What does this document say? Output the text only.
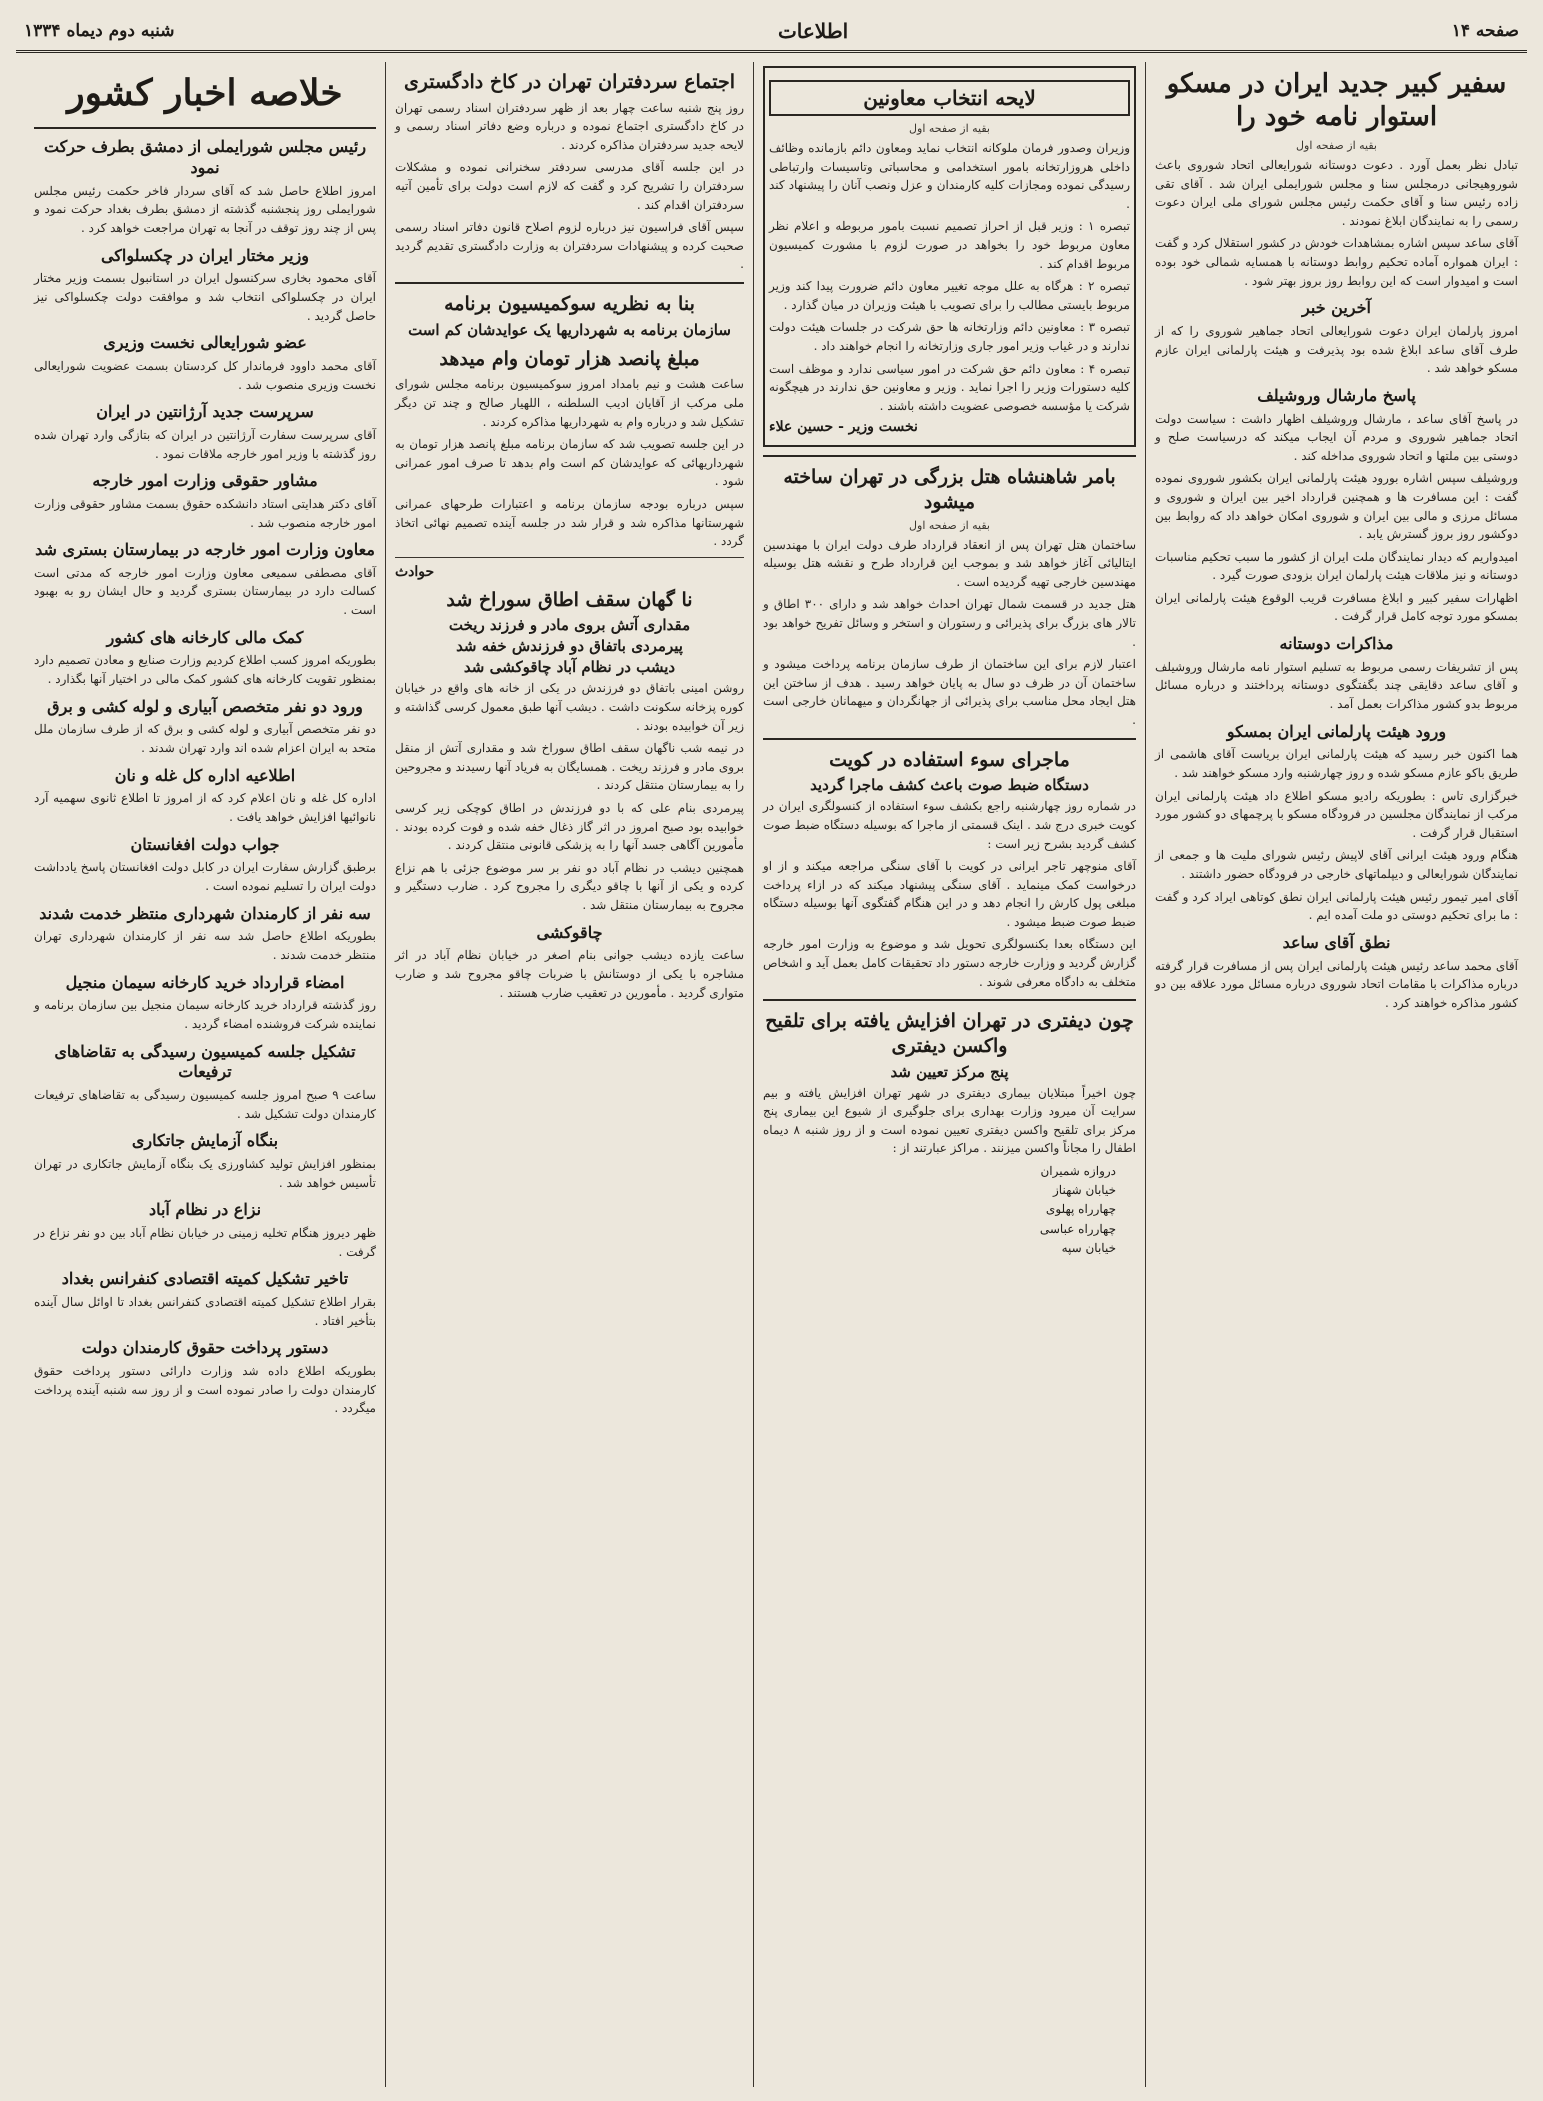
صفحه ۱۴
اطلاعات
شنبه دوم دیماه ۱۳۳۴
سفیر کبیر جدید ایران در مسکو استوار نامه خود را
بقیه از صفحه اول

تبادل نظر بعمل آورد . دعوت دوستانه شورایعالی اتحاد شوروی باعث شوروهیجانی درمجلس سنا و مجلس شورایملی ایران شد . آقای تقی زاده رئیس سنا و آقای حکمت رئیس مجلس شورای ملی ایران دعوت رسمی را به نمایندگان ابلاغ نمودند .

آقای ساعد سپس اشاره بمشاهدات خودش در کشور استقلال کرد و گفت : ایران همواره آماده تحکیم روابط دوستانه با همسایه شمالی خود بوده است و امیدوار است که این روابط روز بروز بهتر شود .

آخرین خبر

امروز پارلمان ایران دعوت شورایعالی اتحاد جماهیر شوروی را که از طرف آقای ساعد ابلاغ شده بود پذیرفت و هیئت پارلمانی ایران عازم مسکو خواهد شد .

پاسخ مارشال وروشیلف

در پاسخ آقای ساعد ، مارشال وروشیلف اظهار داشت : سیاست دولت اتحاد جماهیر شوروی و مردم آن ایجاب میکند که درسیاست صلح و دوستی بین ملتها و اتحاد شوروی مداخله کند .

وروشیلف سپس اشاره بورود هیئت پارلمانی ایران بکشور شوروی نموده گفت : این مسافرت ها و همچنین قرارداد اخیر بین ایران و شوروی و مسائل مرزی و مالی بین ایران و شوروی امکان خواهد داد که روابط بین دوکشور روز بروز گسترش یابد .

امیدواریم که دیدار نمایندگان ملت ایران از کشور ما سبب تحکیم مناسبات دوستانه و نیز ملاقات هیئت پارلمان ایران بزودی صورت گیرد .

اظهارات سفیر کبیر و ابلاغ مسافرت قریب الوقوع هیئت پارلمانی ایران بمسکو مورد توجه کامل قرار گرفت .

مذاکرات دوستانه

پس از تشریفات رسمی مربوط به تسلیم استوار نامه مارشال وروشیلف و آقای ساعد دقایقی چند بگفتگوی دوستانه پرداختند و درباره مسائل مربوط بدو کشور مذاکرات بعمل آمد .

ورود هیئت پارلمانی ایران بمسکو

هما اکنون خبر رسید که هیئت پارلمانی ایران بریاست آقای هاشمی از طریق باکو عازم مسکو شده و روز چهارشنبه وارد مسکو خواهند شد .

خبرگزاری تاس : بطوریکه رادیو مسکو اطلاع داد هیئت پارلمانی ایران مرکب از نمایندگان مجلسین در فرودگاه مسکو با پرچمهای دو کشور مورد استقبال قرار گرفت .

هنگام ورود هیئت ایرانی آقای لاپیش رئیس شورای ملیت ها و جمعی از نمایندگان شورایعالی و دیپلماتهای خارجی در فرودگاه حضور داشتند .

آقای امیر تیمور رئیس هیئت پارلمانی ایران نطق کوتاهی ایراد کرد و گفت : ما برای تحکیم دوستی دو ملت آمده ایم .

نطق آقای ساعد

آقای محمد ساعد رئیس هیئت پارلمانی ایران پس از مسافرت قرار گرفته درباره مذاکرات با مقامات اتحاد شوروی درباره مسائل مورد علاقه بین دو کشور مذاکره خواهند کرد .

لایحه انتخاب معاونین
بقیه از صفحه اول

وزیران وصدور فرمان ملوکانه انتخاب نماید ومعاون دائم بازمانده وظائف داخلی هروزارتخانه بامور استخدامی و محاسباتی وتاسیسات وارتباطی رسیدگی نموده ومجازات کلیه کارمندان و عزل ونصب آنان را پیشنهاد کند .

تبصره ۱ : وزیر قبل از احراز تصمیم نسبت بامور مربوطه و اعلام نظر معاون مربوط خود را بخواهد در صورت لزوم با مشورت کمیسیون مربوط اقدام کند .

تبصره ۲ : هرگاه به علل موجه تغییر معاون دائم ضرورت پیدا کند وزیر مربوط بایستی مطالب را برای تصویب با هیئت وزیران در میان گذارد .

تبصره ۳ : معاونین دائم وزارتخانه ها حق شرکت در جلسات هیئت دولت ندارند و در غیاب وزیر امور جاری وزارتخانه را انجام خواهند داد .

تبصره ۴ : معاون دائم حق شرکت در امور سیاسی ندارد و موظف است کلیه دستورات وزیر را اجرا نماید . وزیر و معاونین حق ندارند در هیچگونه شرکت یا مؤسسه خصوصی عضویت داشته باشند .

نخست وزیر - حسین علاء
بامر شاهنشاه هتل بزرگی در تهران ساخته میشود
بقیه از صفحه اول

ساختمان هتل تهران پس از انعقاد قرارداد طرف دولت ایران با مهندسین ایتالیائی آغاز خواهد شد و بموجب این قرارداد طرح و نقشه هتل بوسیله مهندسین خارجی تهیه گردیده است .

هتل جدید در قسمت شمال تهران احداث خواهد شد و دارای ۳۰۰ اطاق و تالار های بزرگ برای پذیرائی و رستوران و استخر و وسائل تفریح خواهد بود .

اعتبار لازم برای این ساختمان از طرف سازمان برنامه پرداخت میشود و ساختمان آن در ظرف دو سال به پایان خواهد رسید . هدف از ساختن این هتل ایجاد محل مناسب برای پذیرائی از جهانگردان و میهمانان خارجی است .

ماجرای سوء استفاده در کویت
دستگاه ضبط صوت باعث کشف ماجرا گردید

در شماره روز چهارشنبه راجع بکشف سوء استفاده از کنسولگری ایران در کویت خبری درج شد . اینک قسمتی از ماجرا که بوسیله دستگاه ضبط صوت کشف گردید بشرح زیر است :

آقای منوچهر تاجر ایرانی در کویت با آقای سنگی مراجعه میکند و از او درخواست کمک مینماید . آقای سنگی پیشنهاد میکند که در ازاء پرداخت مبلغی پول کارش را انجام دهد و در این هنگام گفتگوی آنها بوسیله دستگاه ضبط صوت ضبط میشود .

این دستگاه بعدا بکنسولگری تحویل شد و موضوع به وزارت امور خارجه گزارش گردید و وزارت خارجه دستور داد تحقیقات کامل بعمل آید و اشخاص متخلف به دادگاه معرفی شوند .

چون دیفتری در تهران افزایش یافته برای تلقیح واکسن دیفتری
پنج مرکز تعیین شد

چون اخیراً مبتلایان بیماری دیفتری در شهر تهران افزایش یافته و بیم سرایت آن میرود وزارت بهداری برای جلوگیری از شیوع این بیماری پنج مرکز برای تلقیح واکسن دیفتری تعیین نموده است و از روز شنبه ۸ دیماه اطفال را مجاناً واکسن میزنند . مراکز عبارتند از :

دروازه شمیران
خیابان شهناز
چهارراه پهلوی
چهارراه عباسی
خیابان سپه
اجتماع سردفتران تهران در کاخ دادگستری

روز پنج شنبه ساعت چهار بعد از ظهر سردفتران اسناد رسمی تهران در کاخ دادگستری اجتماع نموده و درباره وضع دفاتر اسناد رسمی و لایحه جدید سردفتران مذاکره کردند .

در این جلسه آقای مدرسی سردفتر سخنرانی نموده و مشکلات سردفتران را تشریح کرد و گفت که لازم است دولت برای تأمین آتیه سردفتران اقدام کند .

سپس آقای فراسیون نیز درباره لزوم اصلاح قانون دفاتر اسناد رسمی صحبت کرده و پیشنهادات سردفتران به وزارت دادگستری تقدیم گردید .

بنا به نظریه سوکمیسیون برنامه
سازمان برنامه به شهرداریها یک عوایدشان کم است
مبلغ پانصد هزار تومان وام میدهد

ساعت هشت و نیم بامداد امروز سوکمیسیون برنامه مجلس شورای ملی مرکب از آقایان ادیب السلطنه ، اللهیار صالح و چند تن دیگر تشکیل شد و درباره وام به شهرداریها مذاکره کردند .

در این جلسه تصویب شد که سازمان برنامه مبلغ پانصد هزار تومان به شهرداریهائی که عوایدشان کم است وام بدهد تا صرف امور عمرانی شود .

سپس درباره بودجه سازمان برنامه و اعتبارات طرحهای عمرانی شهرستانها مذاکره شد و قرار شد در جلسه آینده تصمیم نهائی اتخاذ گردد .

حوادث
نا گهان سقف اطاق سوراخ شد
مقداری آتش بروی مادر و فرزند ریخت
پیرمردی باتفاق دو فرزندش خفه شد
دیشب در نظام آباد چاقوکشی شد

روشن امینی باتفاق دو فرزندش در یکی از خانه های واقع در خیابان کوره پزخانه سکونت داشت . دیشب آنها طبق معمول کرسی گذاشته و زیر آن خوابیده بودند .

در نیمه شب ناگهان سقف اطاق سوراخ شد و مقداری آتش از منقل بروی مادر و فرزند ریخت . همسایگان به فریاد آنها رسیدند و مجروحین را به بیمارستان منتقل کردند .

پیرمردی بنام علی که با دو فرزندش در اطاق کوچکی زیر کرسی خوابیده بود صبح امروز در اثر گاز ذغال خفه شده و فوت کرده بودند . مأمورین آگاهی جسد آنها را به پزشکی قانونی منتقل کردند .

همچنین دیشب در نظام آباد دو نفر بر سر موضوع جزئی با هم نزاع کرده و یکی از آنها با چاقو دیگری را مجروح کرد . ضارب دستگیر و مجروح به بیمارستان منتقل شد .

چاقوکشی

ساعت یازده دیشب جوانی بنام اصغر در خیابان نظام آباد در اثر مشاجره با یکی از دوستانش با ضربات چاقو مجروح شد و ضارب متواری گردید . مأمورین در تعقیب ضارب هستند .

خلاصه اخبار کشور
رئیس مجلس شورایملی از دمشق بطرف حرکت نمود

امروز اطلاع حاصل شد که آقای سردار فاخر حکمت رئیس مجلس شورایملی روز پنجشنبه گذشته از دمشق بطرف بغداد حرکت نمود و پس از چند روز توقف در آنجا به تهران مراجعت خواهد کرد .

وزیر مختار ایران در چکسلواکی

آقای محمود بخاری سرکنسول ایران در استانبول بسمت وزیر مختار ایران در چکسلواکی انتخاب شد و موافقت دولت چکسلواکی نیز حاصل گردید .

عضو شورایعالی نخست وزیری

آقای محمد داوود فرماندار کل کردستان بسمت عضویت شورایعالی نخست وزیری منصوب شد .

سرپرست جدید آرژانتین در ایران

آقای سرپرست سفارت آرژانتین در ایران که بتازگی وارد تهران شده روز گذشته با وزیر امور خارجه ملاقات نمود .

مشاور حقوقی وزارت امور خارجه

آقای دکتر هدایتی استاد دانشکده حقوق بسمت مشاور حقوقی وزارت امور خارجه منصوب شد .

معاون وزارت امور خارجه در بیمارستان بستری شد

آقای مصطفی سمیعی معاون وزارت امور خارجه که مدتی است کسالت دارد در بیمارستان بستری گردید و حال ایشان رو به بهبود است .

کمک مالی کارخانه های کشور

بطوریکه امروز کسب اطلاع کردیم وزارت صنایع و معادن تصمیم دارد بمنظور تقویت کارخانه های کشور کمک مالی در اختیار آنها بگذارد .

ورود دو نفر متخصص آبیاری و لوله کشی و برق

دو نفر متخصص آبیاری و لوله کشی و برق که از طرف سازمان ملل متحد به ایران اعزام شده اند وارد تهران شدند .

اطلاعیه اداره کل غله و نان

اداره کل غله و نان اعلام کرد که از امروز تا اطلاع ثانوی سهمیه آرد نانوائیها افزایش خواهد یافت .

جواب دولت افغانستان

برطبق گزارش سفارت ایران در کابل دولت افغانستان پاسخ یادداشت دولت ایران را تسلیم نموده است .

سه نفر از کارمندان شهرداری منتظر خدمت شدند

بطوریکه اطلاع حاصل شد سه نفر از کارمندان شهرداری تهران منتظر خدمت شدند .

امضاء قرارداد خرید کارخانه سیمان منجیل

روز گذشته قرارداد خرید کارخانه سیمان منجیل بین سازمان برنامه و نماینده شرکت فروشنده امضاء گردید .

تشکیل جلسه کمیسیون رسیدگی به تقاضاهای ترفیعات

ساعت ۹ صبح امروز جلسه کمیسیون رسیدگی به تقاضاهای ترفیعات کارمندان دولت تشکیل شد .

بنگاه آزمایش جاتکاری

بمنظور افزایش تولید کشاورزی یک بنگاه آزمایش جاتکاری در تهران تأسیس خواهد شد .

نزاع در نظام آباد

ظهر دیروز هنگام تخلیه زمینی در خیابان نظام آباد بین دو نفر نزاع در گرفت .

تاخیر تشکیل کمیته اقتصادی کنفرانس بغداد

بقرار اطلاع تشکیل کمیته اقتصادی کنفرانس بغداد تا اوائل سال آینده بتأخیر افتاد .

دستور پرداخت حقوق کارمندان دولت

بطوریکه اطلاع داده شد وزارت دارائی دستور پرداخت حقوق کارمندان دولت را صادر نموده است و از روز سه شنبه آینده پرداخت میگردد .
